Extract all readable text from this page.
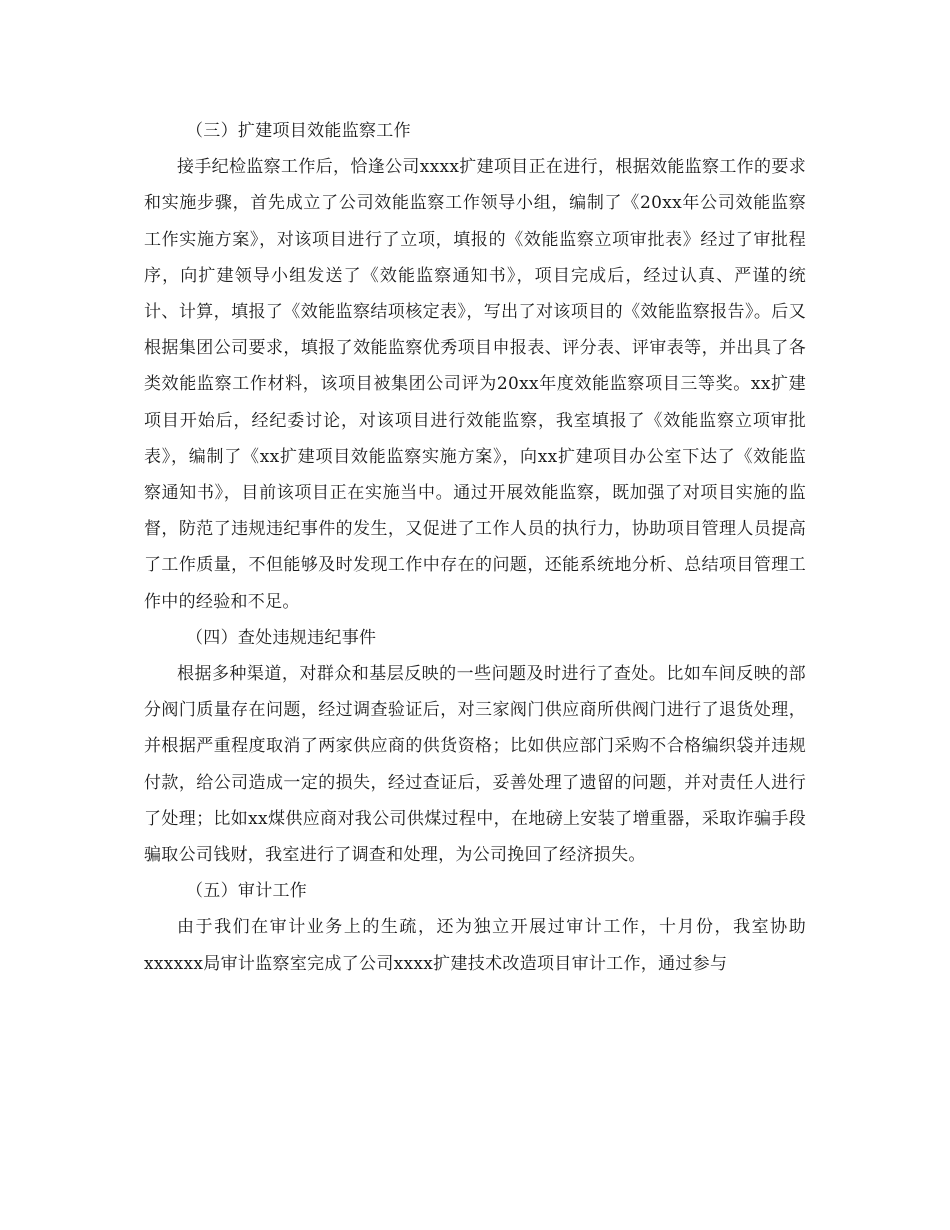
（三）扩建项目效能监察工作

接手纪检监察工作后，恰逢公司xxxx扩建项目正在进行，根据效能监察工作的要求和实施步骤，首先成立了公司效能监察工作领导小组，编制了《20xx年公司效能监察工作实施方案》，对该项目进行了立项，填报的《效能监察立项审批表》经过了审批程序，向扩建领导小组发送了《效能监察通知书》，项目完成后，经过认真、严谨的统计、计算，填报了《效能监察结项核定表》，写出了对该项目的《效能监察报告》。后又根据集团公司要求，填报了效能监察优秀项目申报表、评分表、评审表等，并出具了各类效能监察工作材料，该项目被集团公司评为20xx年度效能监察项目三等奖。xx扩建项目开始后，经纪委讨论，对该项目进行效能监察，我室填报了《效能监察立项审批表》，编制了《xx扩建项目效能监察实施方案》，向xx扩建项目办公室下达了《效能监察通知书》，目前该项目正在实施当中。通过开展效能监察，既加强了对项目实施的监督，防范了违规违纪事件的发生，又促进了工作人员的执行力，协助项目管理人员提高了工作质量，不但能够及时发现工作中存在的问题，还能系统地分析、总结项目管理工作中的经验和不足。

（四）查处违规违纪事件

根据多种渠道，对群众和基层反映的一些问题及时进行了查处。比如车间反映的部分阀门质量存在问题，经过调查验证后，对三家阀门供应商所供阀门进行了退货处理，并根据严重程度取消了两家供应商的供货资格；比如供应部门采购不合格编织袋并违规付款，给公司造成一定的损失，经过查证后，妥善处理了遗留的问题，并对责任人进行了处理；比如xx煤供应商对我公司供煤过程中，在地磅上安装了增重器，采取诈骗手段骗取公司钱财，我室进行了调查和处理，为公司挽回了经济损失。

（五）审计工作

由于我们在审计业务上的生疏，还为独立开展过审计工作，十月份，我室协助xxxxxx局审计监察室完成了公司xxxx扩建技术改造项目审计工作，通过参与
